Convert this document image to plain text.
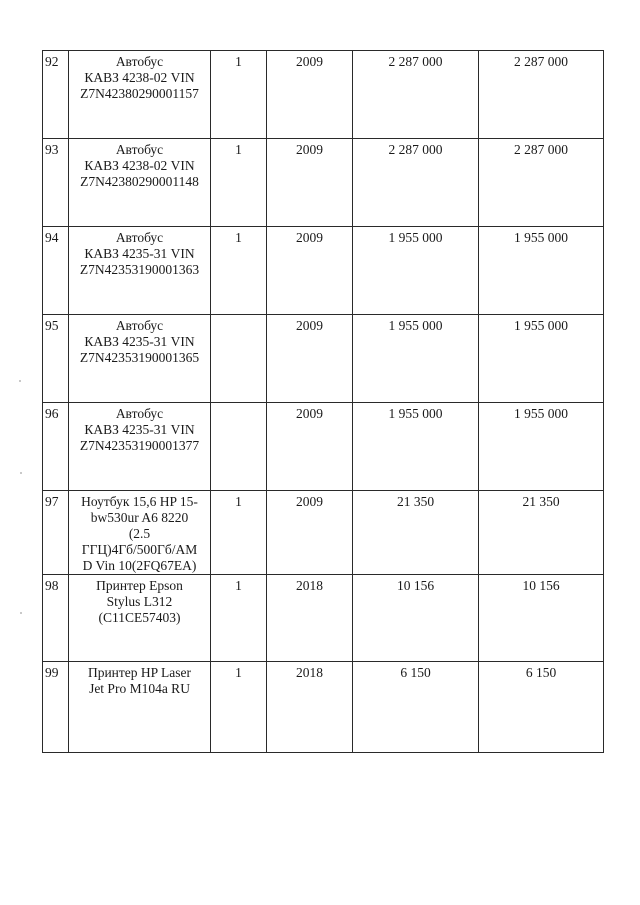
92	Автобус
КАВЗ 4238-02 VIN
Z7N42380290001157	1	2009	2 287 000	2 287 000
93	Автобус
КАВЗ 4238-02 VIN
Z7N42380290001148	1	2009	2 287 000	2 287 000
94	Автобус
КАВЗ 4235-31 VIN
Z7N42353190001363	1	2009	1 955 000	1 955 000
95	Автобус
КАВЗ 4235-31 VIN
Z7N42353190001365		2009	1 955 000	1 955 000
96	Автобус
КАВЗ 4235-31 VIN
Z7N42353190001377		2009	1 955 000	1 955 000
97	Ноутбук 15,6 HP 15-
bw530ur A6 8220
(2.5
ГГЦ)4Гб/500Гб/AM
D Vin 10(2FQ67EA)	1	2009	21 350	21 350
98	Принтер Epson
Stylus L312
(C11CE57403)	1	2018	10 156	10 156
99	Принтер HP Laser
Jet Pro M104a RU	1	2018	6 150	6 150
